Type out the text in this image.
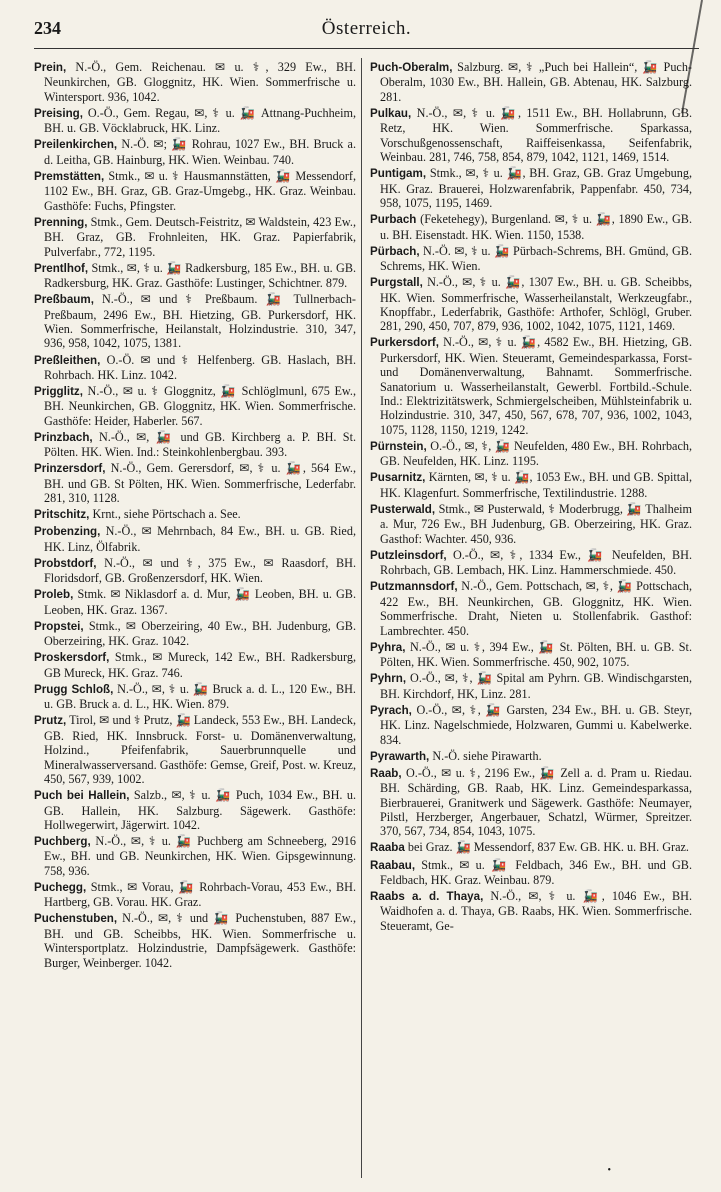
234	Österreich.

Prein, N.-Ö., Gem. Reichenau. ✉ u. ⚕, 329 Ew., BH. Neunkirchen, GB. Gloggnitz, HK. Wien. Sommerfrische u. Wintersport. 936, 1042.

Preising, O.-Ö., Gem. Regau, ✉, ⚕ u. 🚂 Attnang-Puchheim, BH. u. GB. Vöcklabruck, HK. Linz.

Preilenkirchen, N.-Ö. ✉; 🚂 Rohrau, 1027 Ew., BH. Bruck a. d. Leitha, GB. Hainburg, HK. Wien. Weinbau. 740.

Premstätten, Stmk., ✉ u. ⚕ Hausmannstätten, 🚂 Messendorf, 1102 Ew., BH. Graz, GB. Graz-Umgebg., HK. Graz. Weinbau. Gasthöfe: Fuchs, Pfingster.

Prenning, Stmk., Gem. Deutsch-Feistritz, ✉ Waldstein, 423 Ew., BH. Graz, GB. Frohnleiten, HK. Graz. Papierfabrik, Pulverfabr., 772, 1195.

Prentlhof, Stmk., ✉, ⚕ u. 🚂 Radkersburg, 185 Ew., BH. u. GB. Radkersburg, HK. Graz. Gasthöfe: Lustinger, Schichtner. 879.

Preßbaum, N.-Ö., ✉ und ⚕ Preßbaum. 🚂 Tullnerbach-Preßbaum, 2496 Ew., BH. Hietzing, GB. Purkersdorf, HK. Wien. Sommerfrische, Heilanstalt, Holzindustrie. 310, 347, 936, 958, 1042, 1075, 1381.

Preßleithen, O.-Ö. ✉ und ⚕ Helfenberg. GB. Haslach, BH. Rohrbach. HK. Linz. 1042.

Prigglitz, N.-Ö., ✉ u. ⚕ Gloggnitz, 🚂 Schlöglmunl, 675 Ew., BH. Neunkirchen, GB. Gloggnitz, HK. Wien. Sommerfrische. Gasthöfe: Heider, Haberler. 567.

Prinzbach, N.-Ö., ✉, 🚂 und GB. Kirchberg a. P. BH. St. Pölten. HK. Wien. Ind.: Steinkohlenbergbau. 393.

Prinzersdorf, N.-Ö., Gem. Gerersdorf, ✉, ⚕ u. 🚂, 564 Ew., BH. und GB. St Pölten, HK. Wien. Sommerfrische, Lederfabr. 281, 310, 1128.

Pritschitz, Krnt., siehe Pörtschach a. See.

Probenzing, N.-Ö., ✉ Mehrnbach, 84 Ew., BH. u. GB. Ried, HK. Linz, Ölfabrik.

Probstdorf, N.-Ö., ✉ und ⚕, 375 Ew., ✉ Raasdorf, BH. Floridsdorf, GB. Großenzersdorf, HK. Wien.

Proleb, Stmk. ✉ Niklasdorf a. d. Mur, 🚂 Leoben, BH. u. GB. Leoben, HK. Graz. 1367.

Propstei, Stmk., ✉ Oberzeiring, 40 Ew., BH. Judenburg, GB. Oberzeiring, HK. Graz. 1042.

Proskersdorf, Stmk., ✉ Mureck, 142 Ew., BH. Radkersburg, GB Mureck, HK. Graz. 746.

Prugg Schloß, N.-Ö., ✉, ⚕ u. 🚂 Bruck a. d. L., 120 Ew., BH. u. GB. Bruck a. d. L., HK. Wien. 879.

Prutz, Tirol, ✉ und ⚕ Prutz, 🚂 Landeck, 553 Ew., BH. Landeck, GB. Ried, HK. Innsbruck. Forst- u. Domänenverwaltung, Holzind., Pfeifenfabrik, Sauerbrunnquelle und Mineralwasserversand. Gasthöfe: Gemse, Greif, Post. w. Kreuz, 450, 567, 939, 1002.

Puch bei Hallein, Salzb., ✉, ⚕ u. 🚂 Puch, 1034 Ew., BH. u. GB. Hallein, HK. Salzburg. Sägewerk. Gasthöfe: Hollwegerwirt, Jägerwirt. 1042.

Puchberg, N.-Ö., ✉, ⚕ u. 🚂 Puchberg am Schneeberg, 2916 Ew., BH. und GB. Neunkirchen, HK. Wien. Gipsgewinnung. 758, 936.

Puchegg, Stmk., ✉ Vorau, 🚂 Rohrbach-Vorau, 453 Ew., BH. Hartberg, GB. Vorau. HK. Graz.

Puchenstuben, N.-Ö., ✉, ⚕ und 🚂 Puchenstuben, 887 Ew., BH. und GB. Scheibbs, HK. Wien. Sommerfrische u. Wintersportplatz. Holzindustrie, Dampfsägewerk. Gasthöfe: Burger, Weinberger. 1042.

Puch-Oberalm, Salzburg. ✉, ⚕ „Puch bei Hallein“, 🚂 Puch-Oberalm, 1030 Ew., BH. Hallein, GB. Abtenau, HK. Salzburg. 281.

Pulkau, N.-Ö., ✉, ⚕ u. 🚂, 1511 Ew., BH. Hollabrunn, GB. Retz, HK. Wien. Sommerfrische. Sparkassa, Vorschußgenossenschaft, Raiffeisenkassa, Seifenfabrik, Weinbau. 281, 746, 758, 854, 879, 1042, 1121, 1469, 1514.

Puntigam, Stmk., ✉, ⚕ u. 🚂, BH. Graz, GB. Graz Umgebung, HK. Graz. Brauerei, Holzwarenfabrik, Pappenfabr. 450, 734, 958, 1075, 1195, 1469.

Purbach (Feketehegy), Burgenland. ✉, ⚕ u. 🚂, 1890 Ew., GB. u. BH. Eisenstadt. HK. Wien. 1150, 1538.

Pürbach, N.-Ö. ✉, ⚕ u. 🚂 Pürbach-Schrems, BH. Gmünd, GB. Schrems, HK. Wien.

Purgstall, N.-Ö., ✉, ⚕ u. 🚂, 1307 Ew., BH. u. GB. Scheibbs, HK. Wien. Sommerfrische, Wasserheilanstalt, Werkzeugfabr., Knopffabr., Lederfabrik, Gasthöfe: Arthofer, Schlögl, Gruber. 281, 290, 450, 707, 879, 936, 1002, 1042, 1075, 1121, 1469.

Purkersdorf, N.-Ö., ✉, ⚕ u. 🚂, 4582 Ew., BH. Hietzing, GB. Purkersdorf, HK. Wien. Steueramt, Gemeindesparkassa, Forst- und Domänenverwaltung, Bahnamt. Sommerfrische. Sanatorium u. Wasserheilanstalt, Gewerbl. Fortbild.-Schule. Ind.: Elektrizitätswerk, Schmiergelscheiben, Mühlsteinfabrik u. Holzindustrie. 310, 347, 450, 567, 678, 707, 936, 1002, 1043, 1075, 1128, 1150, 1219, 1242.

Pürnstein, O.-Ö., ✉, ⚕, 🚂 Neufelden, 480 Ew., BH. Rohrbach, GB. Neufelden, HK. Linz. 1195.

Pusarnitz, Kärnten, ✉, ⚕ u. 🚂, 1053 Ew., BH. und GB. Spittal, HK. Klagenfurt. Sommerfrische, Textilindustrie. 1288.

Pusterwald, Stmk., ✉ Pusterwald, ⚕ Moderbrugg, 🚂 Thalheim a. Mur, 726 Ew., BH Judenburg, GB. Oberzeiring, HK. Graz. Gasthof: Wachter. 450, 936.

Putzleinsdorf, O.-Ö., ✉, ⚕, 1334 Ew., 🚂 Neufelden, BH. Rohrbach, GB. Lembach, HK. Linz. Hammerschmiede. 450.

Putzmannsdorf, N.-Ö., Gem. Pottschach, ✉, ⚕, 🚂 Pottschach, 422 Ew., BH. Neunkirchen, GB. Gloggnitz, HK. Wien. Sommerfrische. Draht, Nieten u. Stollenfabrik. Gasthof: Lambrechter. 450.

Pyhra, N.-Ö., ✉ u. ⚕, 394 Ew., 🚂 St. Pölten, BH. u. GB. St. Pölten, HK. Wien. Sommerfrische. 450, 902, 1075.

Pyhrn, O.-Ö., ✉, ⚕, 🚂 Spital am Pyhrn. GB. Windischgarsten, BH. Kirchdorf, HK, Linz. 281.

Pyrach, O.-Ö., ✉, ⚕, 🚂 Garsten, 234 Ew., BH. u. GB. Steyr, HK. Linz. Nagelschmiede, Holzwaren, Gummi u. Kabelwerke. 834.

Pyrawarth, N.-Ö. siehe Pirawarth.

Raab, O.-Ö., ✉ u. ⚕, 2196 Ew., 🚂 Zell a. d. Pram u. Riedau. BH. Schärding, GB. Raab, HK. Linz. Gemeindesparkassa, Bierbrauerei, Granitwerk und Sägewerk. Gasthöfe: Neumayer, Pilstl, Herzberger, Angerbauer, Schatzl, Würmer, Spreitzer. 370, 567, 734, 854, 1043, 1075.

Raaba bei Graz. 🚂 Messendorf, 837 Ew. GB. HK. u. BH. Graz.

Raabau, Stmk., ✉ u. 🚂 Feldbach, 346 Ew., BH. und GB. Feldbach, HK. Graz. Weinbau. 879.

Raabs a. d. Thaya, N.-Ö., ✉, ⚕ u. 🚂, 1046 Ew., BH. Waidhofen a. d. Thaya, GB. Raabs, HK. Wien. Sommerfrische. Steueramt, Ge-

•
